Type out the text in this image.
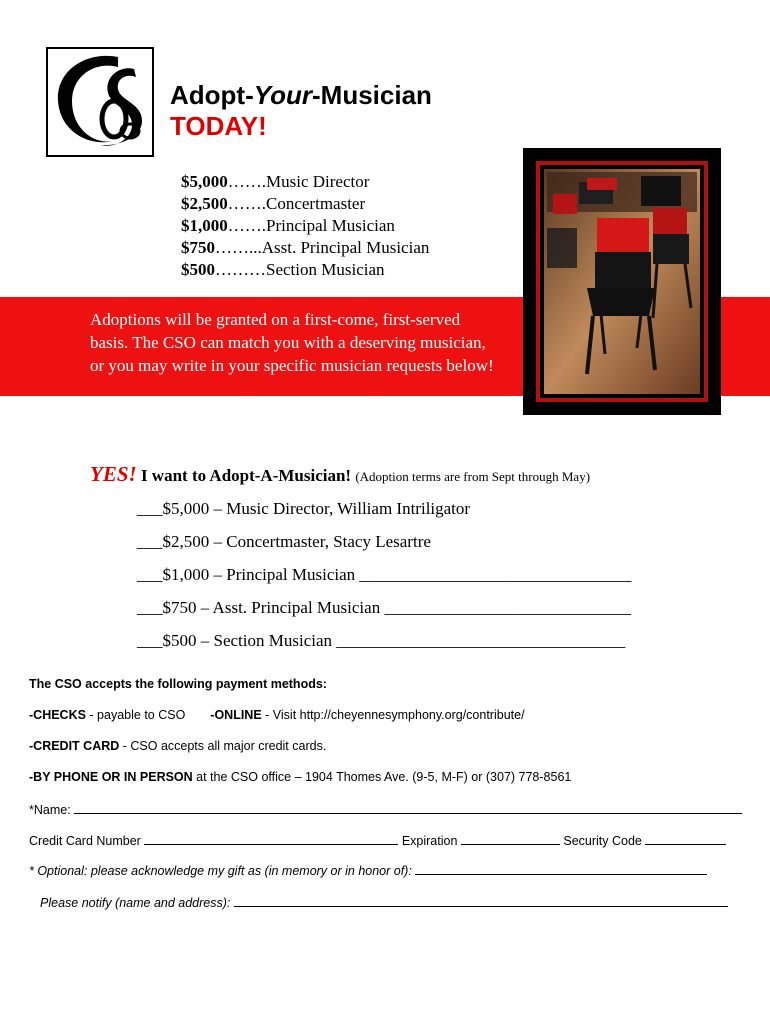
Adopt-Your-Musician
TODAY!
$5,000…….Music Director
$2,500…….Concertmaster
$1,000…….Principal Musician
$750……...Asst. Principal Musician
$500………Section Musician
Adoptions will be granted on a first-come, first-served
basis. The CSO can match you with a deserving musician,
or you may write in your specific musician requests below!
YES! I want to Adopt-A-Musician! (Adoption terms are from Sept through May)
___$5,000 – Music Director, William Intriligator
___$2,500 – Concertmaster, Stacy Lesartre
___$1,000 – Principal Musician ________________________________
___$750 – Asst. Principal Musician _____________________________
___$500 – Section Musician __________________________________
The CSO accepts the following payment methods:
-CHECKS - payable to CSO -ONLINE - Visit http://cheyennesymphony.org/contribute/
-CREDIT CARD - CSO accepts all major credit cards.
-BY PHONE OR IN PERSON at the CSO office – 1904 Thomes Ave. (9-5, M-F) or (307) 778-8561
*Name:
Credit Card Number	Expiration	Security Code
* Optional: please acknowledge my gift as (in memory or in honor of):
Please notify (name and address):
